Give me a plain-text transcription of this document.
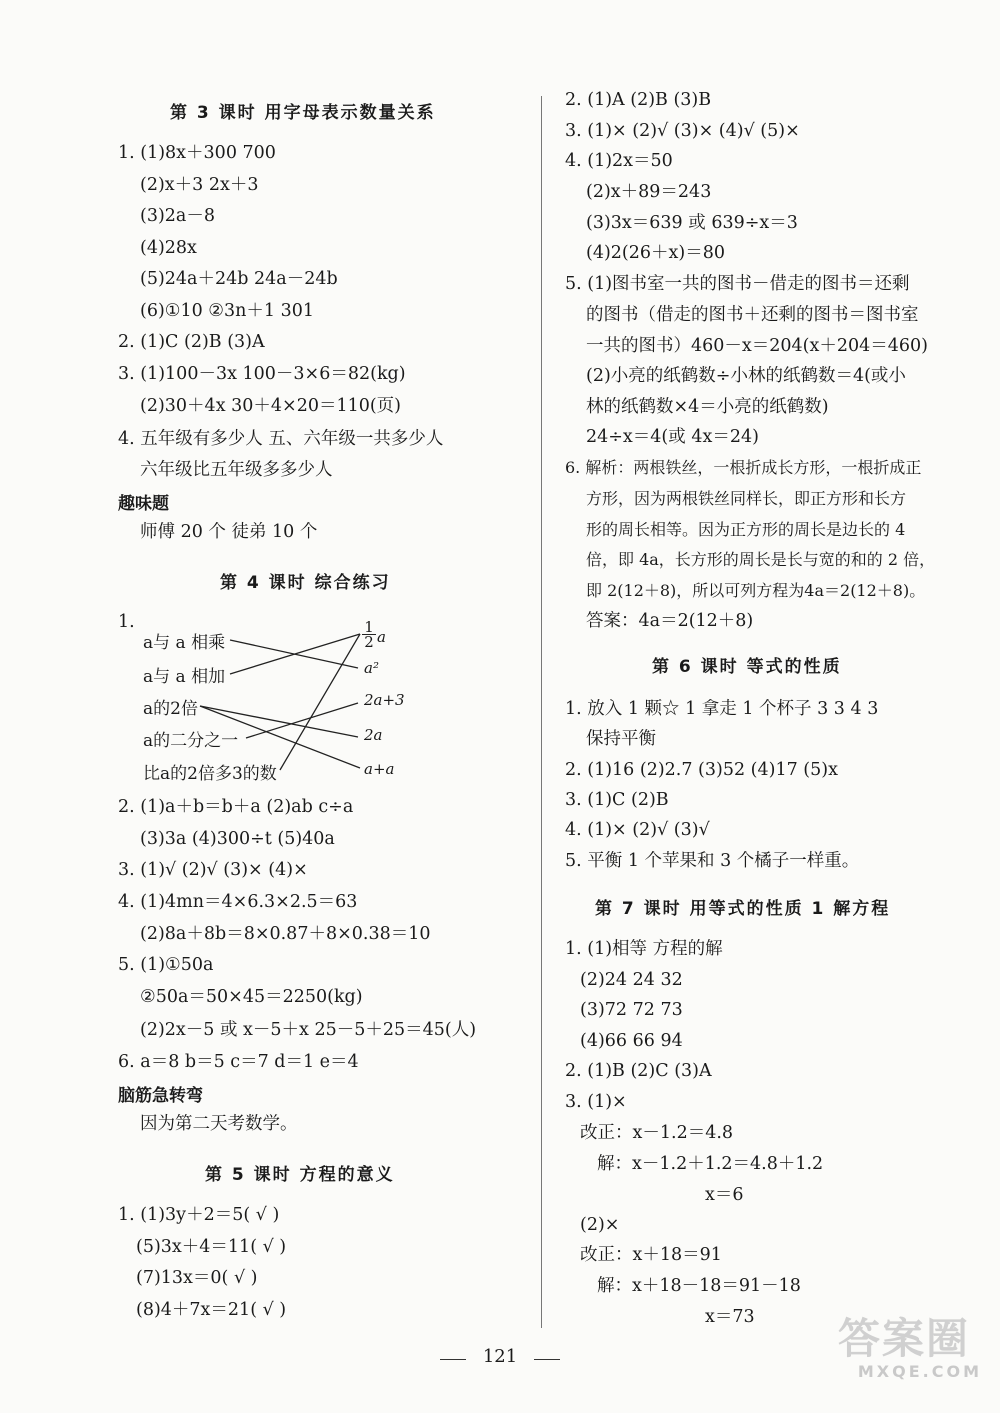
第 3 课时 用字母表示数量关系
1. (1)8x＋300 700
(2)x＋3 2x＋3
(3)2a－8
(4)28x
(5)24a＋24b 24a－24b
(6)①10 ②3n＋1 301
2. (1)C (2)B (3)A
3. (1)100－3x 100－3×6＝82(kg)
(2)30＋4x 30＋4×20＝110(页)
4. 五年级有多少人 五、六年级一共多少人
六年级比五年级多多少人
趣味题
师傅 20 个 徒弟 10 个
第 4 课时 综合练习
1.
a与 a 相乘
a与 a 相加
a的2倍
a的二分之一
比a的2倍多3的数
$\frac{1}{2}$ a
a²
2a+3
2a
a+a
2. (1)a＋b＝b＋a (2)ab c÷a
(3)3a (4)300÷t (5)40a
3. (1)√ (2)√ (3)× (4)×
4. (1)4mn＝4×6.3×2.5＝63
(2)8a＋8b＝8×0.87＋8×0.38＝10
5. (1)①50a
②50a＝50×45＝2250(kg)
(2)2x－5 或 x－5＋x 25－5＋25＝45(人)
6. a＝8 b＝5 c＝7 d＝1 e＝4
脑筋急转弯
因为第二天考数学。
第 5 课时 方程的意义
1. (1)3y＋2＝5( √ )
(5)3x＋4＝11( √ )
(7)13x＝0( √ )
(8)4＋7x＝21( √ )
2. (1)A (2)B (3)B
3. (1)× (2)√ (3)× (4)√ (5)×
4. (1)2x＝50
(2)x＋89＝243
(3)3x＝639 或 639÷x＝3
(4)2(26＋x)＝80
5. (1)图书室一共的图书－借走的图书＝还剩
的图书（借走的图书＋还剩的图书＝图书室
一共的图书）460－x＝204(x＋204＝460)
(2)小亮的纸鹤数÷小林的纸鹤数＝4(或小
林的纸鹤数×4＝小亮的纸鹤数)
24÷x＝4(或 4x＝24)
6. 解析：两根铁丝，一根折成长方形，一根折成正
方形，因为两根铁丝同样长，即正方形和长方
形的周长相等。因为正方形的周长是边长的 4
倍，即 4a，长方形的周长是长与宽的和的 2 倍，
即 2(12＋8)，所以可列方程为4a＝2(12＋8)。
答案：4a＝2(12＋8)
第 6 课时 等式的性质
1. 放入 1 颗☆ 1 拿走 1 个杯子 3 3 4 3
保持平衡
2. (1)16 (2)2.7 (3)52 (4)17 (5)x
3. (1)C (2)B
4. (1)× (2)√ (3)√
5. 平衡 1 个苹果和 3 个橘子一样重。
第 7 课时 用等式的性质 1 解方程
1. (1)相等 方程的解
(2)24 24 32
(3)72 72 73
(4)66 66 94
2. (1)B (2)C (3)A
3. (1)×
改正：x－1.2＝4.8
解：x－1.2＋1.2＝4.8＋1.2
x＝6
(2)×
改正：x＋18＝91
解：x＋18－18＝91－18
x＝73
121	答案圈
MXQE.COM
